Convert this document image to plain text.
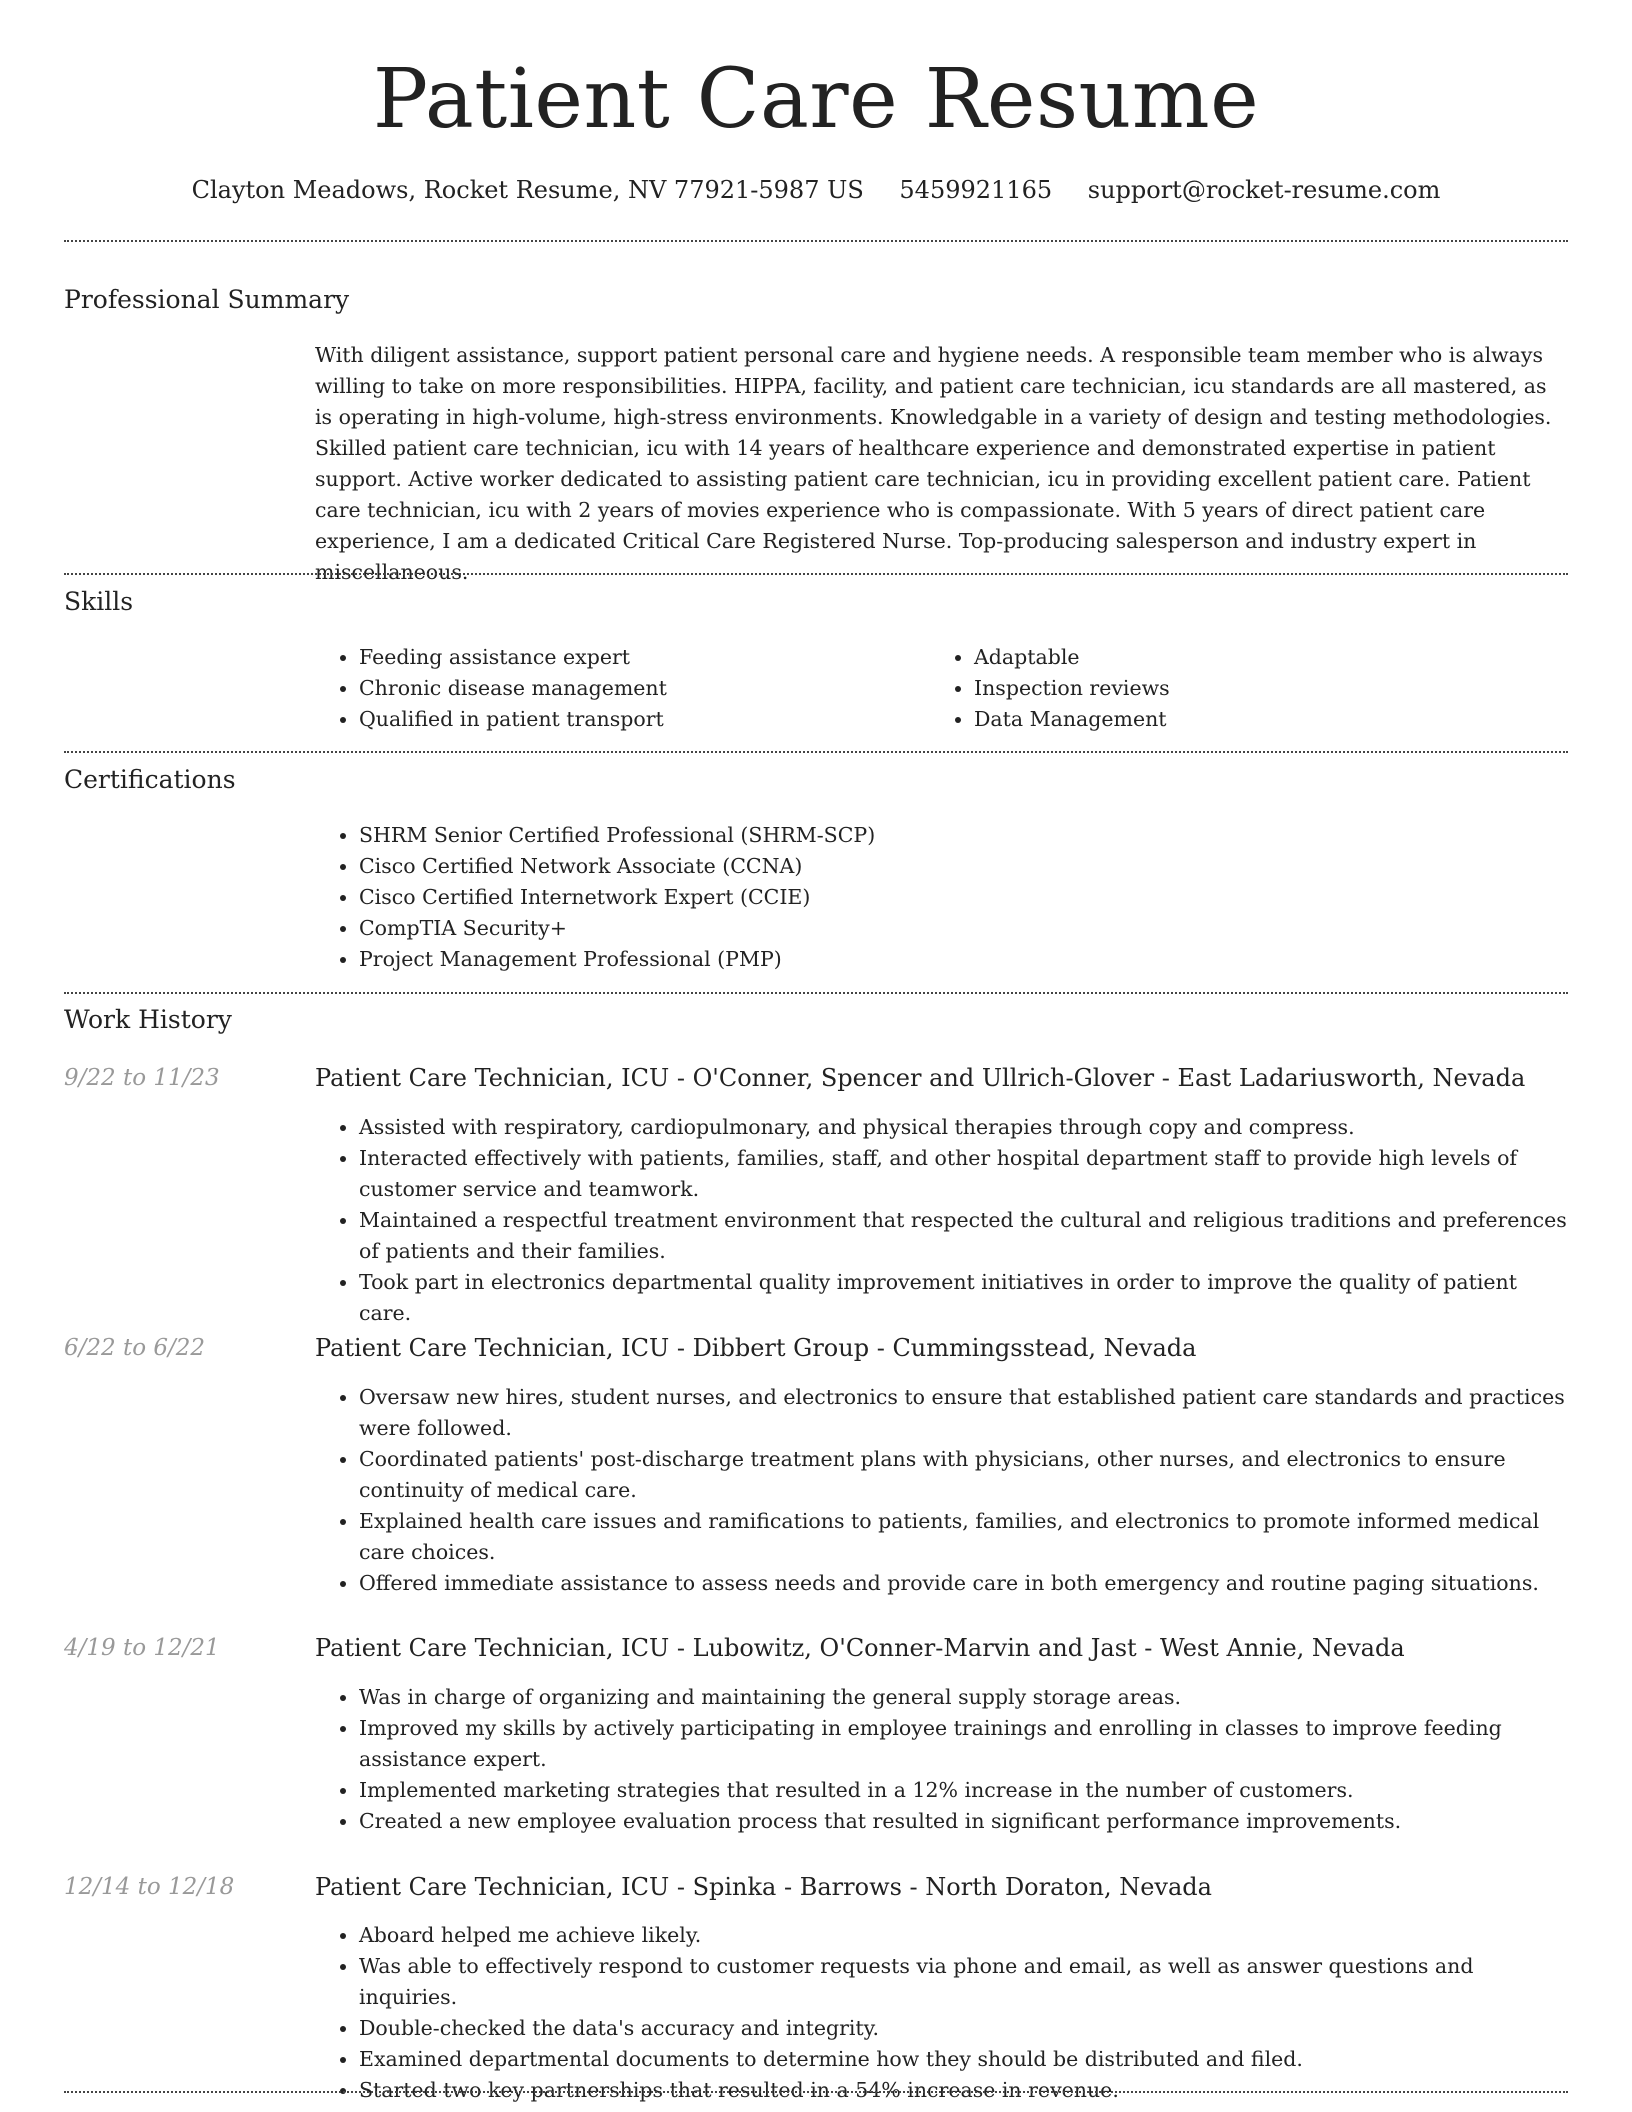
Patient Care Resume
Clayton Meadows, Rocket Resume, NV 77921-5987 US 5459921165 support@rocket-resume.com
Professional Summary

With diligent assistance, support patient personal care and hygiene needs. A responsible team member who is always willing to take on more responsibilities. HIPPA, facility, and patient care technician, icu standards are all mastered, as is operating in high-volume, high-stress environments. Knowledgable in a variety of design and testing methodologies. Skilled patient care technician, icu with 14 years of healthcare experience and demonstrated expertise in patient support. Active worker dedicated to assisting patient care technician, icu in providing excellent patient care. Patient care technician, icu with 2 years of movies experience who is compassionate. With 5 years of direct patient care experience, I am a dedicated Critical Care Registered Nurse. Top-producing salesperson and industry expert in miscellaneous.

Skills
• Feeding assistance expert
• Chronic disease management
• Qualified in patient transport
• Adaptable
• Inspection reviews
• Data Management
Certifications
• SHRM Senior Certified Professional (SHRM-SCP)
• Cisco Certified Network Associate (CCNA)
• Cisco Certified Internetwork Expert (CCIE)
• CompTIA Security+
• Project Management Professional (PMP)
Work History
9/22 to 11/23	Patient Care Technician, ICU - O'Conner, Spencer and Ullrich-Glover - East Ladariusworth, Nevada
• Assisted with respiratory, cardiopulmonary, and physical therapies through copy and compress.
• Interacted effectively with patients, families, staff, and other hospital department staff to provide high levels of customer service and teamwork.
• Maintained a respectful treatment environment that respected the cultural and religious traditions and preferences of patients and their families.
• Took part in electronics departmental quality improvement initiatives in order to improve the quality of patient care.
6/22 to 6/22	Patient Care Technician, ICU - Dibbert Group - Cummingsstead, Nevada
• Oversaw new hires, student nurses, and electronics to ensure that established patient care standards and practices were followed.
• Coordinated patients' post-discharge treatment plans with physicians, other nurses, and electronics to ensure continuity of medical care.
• Explained health care issues and ramifications to patients, families, and electronics to promote informed medical care choices.
• Offered immediate assistance to assess needs and provide care in both emergency and routine paging situations.
4/19 to 12/21	Patient Care Technician, ICU - Lubowitz, O'Conner-Marvin and Jast - West Annie, Nevada
• Was in charge of organizing and maintaining the general supply storage areas.
• Improved my skills by actively participating in employee trainings and enrolling in classes to improve feeding assistance expert.
• Implemented marketing strategies that resulted in a 12% increase in the number of customers.
• Created a new employee evaluation process that resulted in significant performance improvements.
12/14 to 12/18	Patient Care Technician, ICU - Spinka - Barrows - North Doraton, Nevada
• Aboard helped me achieve likely.
• Was able to effectively respond to customer requests via phone and email, as well as answer questions and inquiries.
• Double-checked the data's accuracy and integrity.
• Examined departmental documents to determine how they should be distributed and filed.
• Started two key partnerships that resulted in a 54% increase in revenue.
